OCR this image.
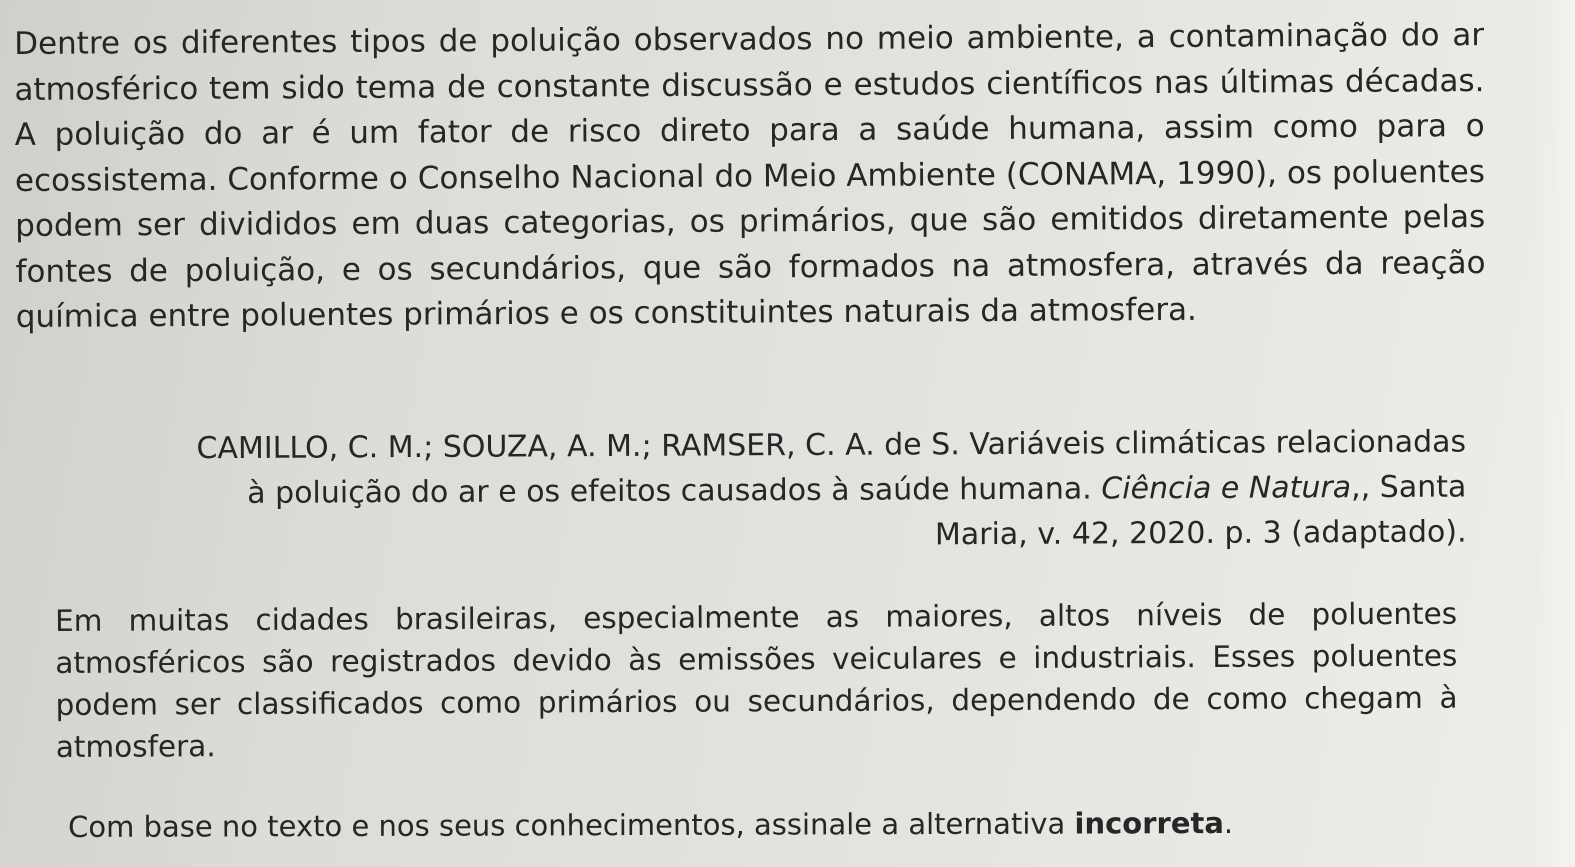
Dentre os diferentes tipos de poluição observados no meio ambiente, a contaminação do ar atmosférico tem sido tema de constante discussão e estudos científicos nas últimas décadas. A poluição do ar é um fator de risco direto para a saúde humana, assim como para o ecossistema. Conforme o Conselho Nacional do Meio Ambiente (CONAMA, 1990), os poluentes podem ser divididos em duas categorias, os primários, que são emitidos diretamente pelas fontes de poluição, e os secundários, que são formados na atmosfera, através da reação química entre poluentes primários e os constituintes naturais da atmosfera.

CAMILLO, C. M.; SOUZA, A. M.; RAMSER, C. A. de S. Variáveis climáticas relacionadas
à poluição do ar e os efeitos causados à saúde humana. Ciência e Natura,, Santa
Maria, v. 42, 2020. p. 3 (adaptado).

Em muitas cidades brasileiras, especialmente as maiores, altos níveis de poluentes atmosféricos são registrados devido às emissões veiculares e industriais. Esses poluentes podem ser classificados como primários ou secundários, dependendo de como chegam à atmosfera.

Com base no texto e nos seus conhecimentos, assinale a alternativa incorreta.
